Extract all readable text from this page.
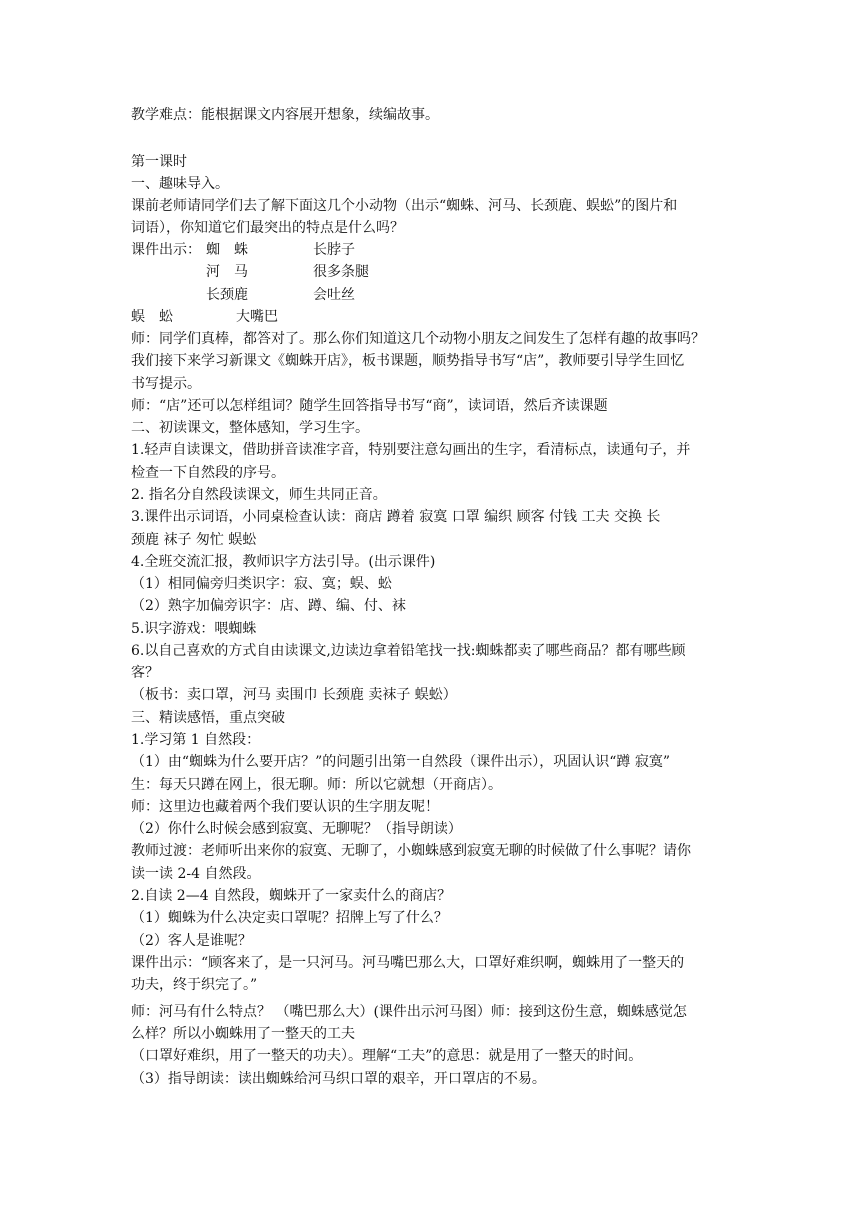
教学难点：能根据课文内容展开想象，续编故事。
第一课时
一、趣味导入。
课前老师请同学们去了解下面这几个小动物（出示“蜘蛛、河马、长颈鹿、蜈蚣”的图片和
词语），你知道它们最突出的特点是什么吗？
课件出示： 蜘　蛛	长脖子
河　马	很多条腿
长颈鹿	会吐丝
蜈　蚣	大嘴巴
师：同学们真棒，都答对了。那么你们知道这几个动物小朋友之间发生了怎样有趣的故事吗？
我们接下来学习新课文《蜘蛛开店》，板书课题，顺势指导书写“店”，教师要引导学生回忆
书写提示。
师：“店”还可以怎样组词？随学生回答指导书写“商”，读词语，然后齐读课题
二、初读课文，整体感知，学习生字。
1.轻声自读课文，借助拼音读准字音，特别要注意勾画出的生字，看清标点，读通句子，并
检查一下自然段的序号。
2. 指名分自然段读课文，师生共同正音。
3.课件出示词语，小同桌检查认读：商店 蹲着 寂寞 口罩 编织 顾客 付钱 工夫 交换 长
颈鹿 袜子 匆忙 蜈蚣
4.全班交流汇报，教师识字方法引导。(出示课件)
（1）相同偏旁归类识字：寂、寞；蜈、蚣
（2）熟字加偏旁识字：店、蹲、编、付、袜
5.识字游戏：喂蜘蛛
6.以自己喜欢的方式自由读课文,边读边拿着铅笔找一找:蜘蛛都卖了哪些商品？都有哪些顾
客？
（板书：卖口罩，河马 卖围巾 长颈鹿 卖袜子 蜈蚣）
三、精读感悟，重点突破
1.学习第 1 自然段：
（1）由“蜘蛛为什么要开店？”的问题引出第一自然段（课件出示），巩固认识“蹲 寂寞”
生：每天只蹲在网上，很无聊。师：所以它就想（开商店）。
师：这里边也藏着两个我们要认识的生字朋友呢！
（2）你什么时候会感到寂寞、无聊呢？（指导朗读）
教师过渡：老师听出来你的寂寞、无聊了，小蜘蛛感到寂寞无聊的时候做了什么事呢？请你
读一读 2-4 自然段。
2.自读 2—4 自然段，蜘蛛开了一家卖什么的商店？
（1）蜘蛛为什么决定卖口罩呢？招牌上写了什么？
（2）客人是谁呢？
课件出示：“顾客来了，是一只河马。河马嘴巴那么大，口罩好难织啊，蜘蛛用了一整天的
功夫，终于织完了。”
师：河马有什么特点？ （嘴巴那么大）(课件出示河马图）师：接到这份生意，蜘蛛感觉怎
么样？所以小蜘蛛用了一整天的工夫
（口罩好难织，用了一整天的功夫）。理解“工夫”的意思：就是用了一整天的时间。
（3）指导朗读：读出蜘蛛给河马织口罩的艰辛，开口罩店的不易。
